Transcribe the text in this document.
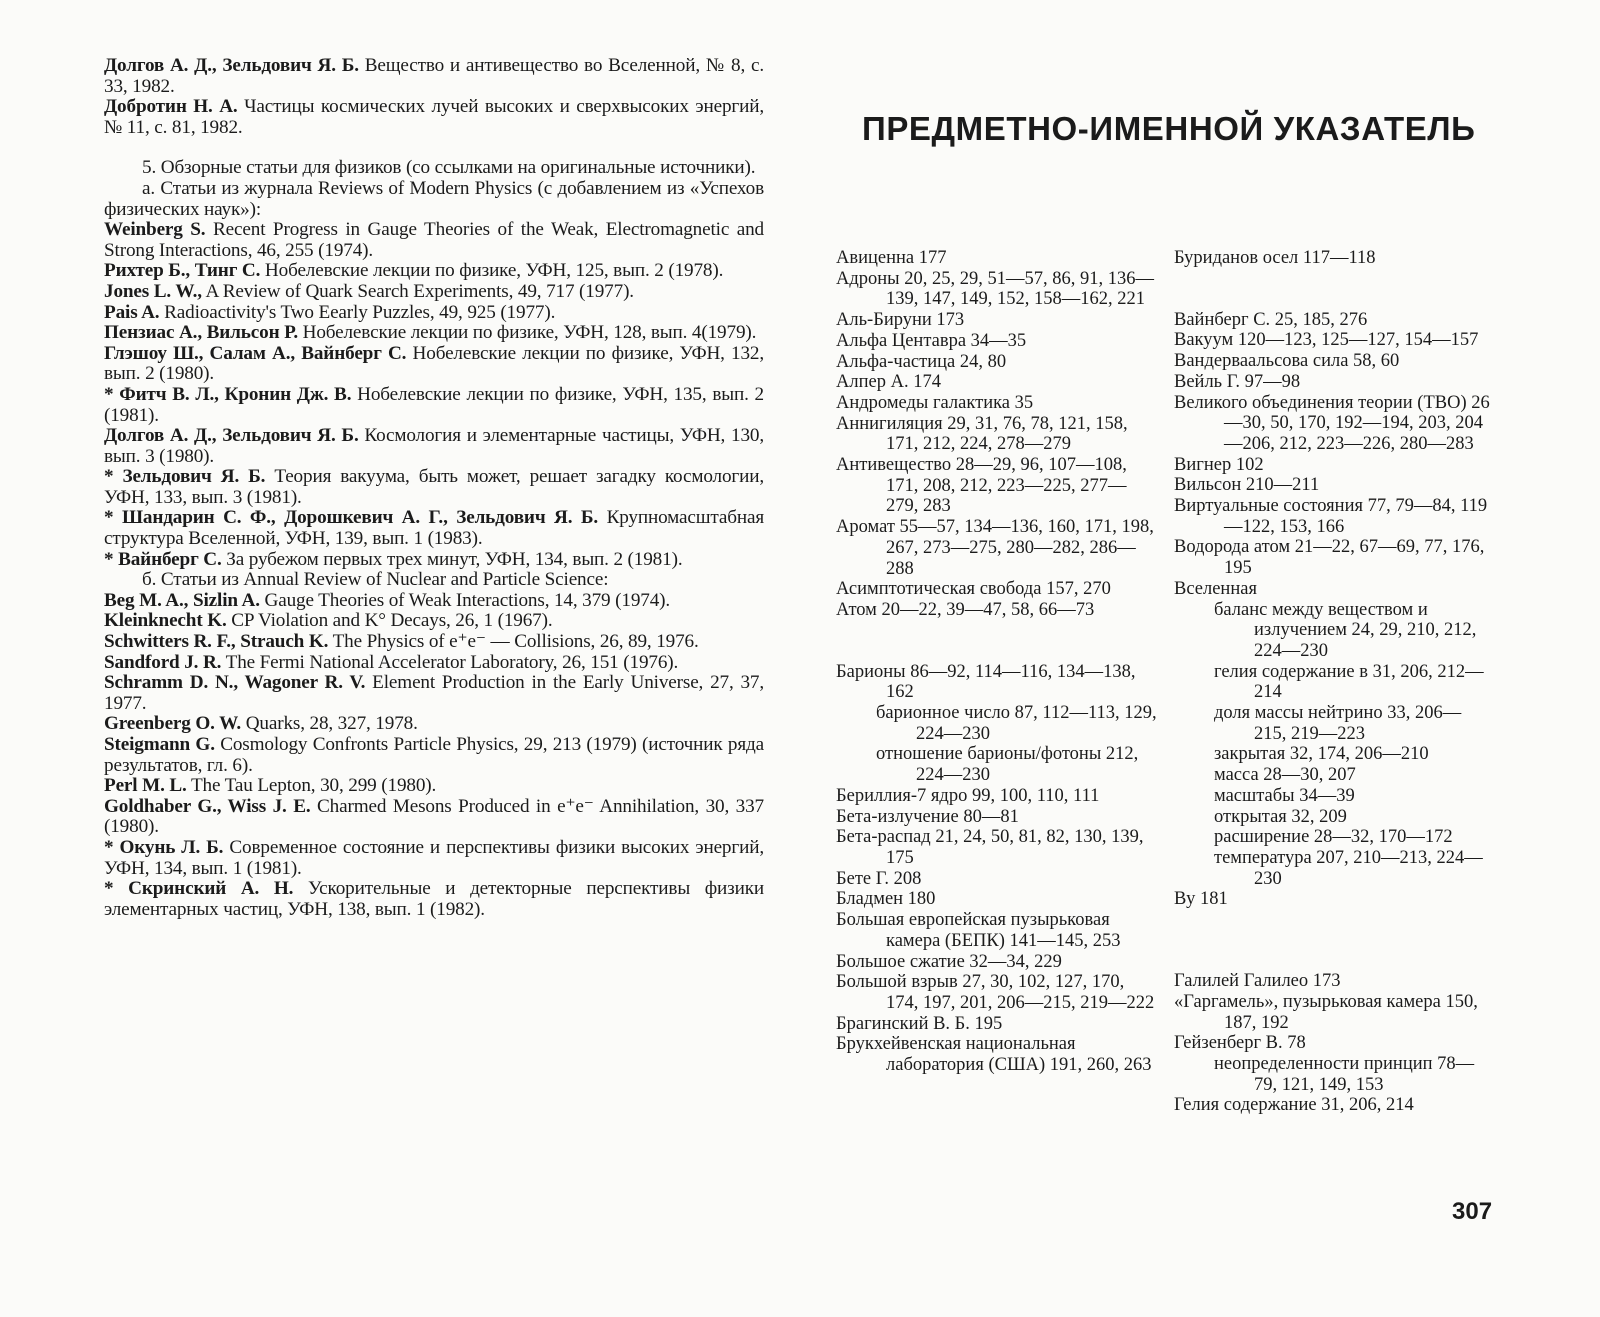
Долгов А. Д., Зельдович Я. Б. Вещество и антивещество во Вселенной, № 8, с. 33, 1982.

Добротин Н. А. Частицы космических лучей высоких и сверхвысоких энергий, № 11, с. 81, 1982.

5. Обзорные статьи для физиков (со ссылками на оригинальные источники).

а. Статьи из журнала Reviews of Modern Physics (с добавлением из «Успехов физических наук»):

Weinberg S. Recent Progress in Gauge Theories of the Weak, Electromagnetic and Strong Interactions, 46, 255 (1974).

Рихтер Б., Тинг С. Нобелевские лекции по физике, УФН, 125, вып. 2 (1978).

Jones L. W., A Review of Quark Search Experiments, 49, 717 (1977).

Pais A. Radioactivity's Two Eearly Puzzles, 49, 925 (1977).

Пензиас А., Вильсон Р. Нобелевские лекции по физике, УФН, 128, вып. 4(1979).

Глэшоу Ш., Салам А., Вайнберг С. Нобелевские лекции по физике, УФН, 132, вып. 2 (1980).

* Фитч В. Л., Кронин Дж. В. Нобелевские лекции по физике, УФН, 135, вып. 2 (1981).

Долгов А. Д., Зельдович Я. Б. Космология и элементарные частицы, УФН, 130, вып. 3 (1980).

* Зельдович Я. Б. Теория вакуума, быть может, решает загадку космологии, УФН, 133, вып. 3 (1981).

* Шандарин С. Ф., Дорошкевич А. Г., Зельдович Я. Б. Крупномасштабная структура Вселенной, УФН, 139, вып. 1 (1983).

* Вайнберг С. За рубежом первых трех минут, УФН, 134, вып. 2 (1981).

б. Статьи из Annual Review of Nuclear and Particle Science:

Beg M. A., Sizlin A. Gauge Theories of Weak Interactions, 14, 379 (1974).

Kleinknecht K. CP Violation and K° Decays, 26, 1 (1967).

Schwitters R. F., Strauch K. The Physics of e⁺e⁻ — Collisions, 26, 89, 1976.

Sandford J. R. The Fermi National Accelerator Laboratory, 26, 151 (1976).

Schramm D. N., Wagoner R. V. Element Production in the Early Universe, 27, 37, 1977.

Greenberg O. W. Quarks, 28, 327, 1978.

Steigmann G. Cosmology Confronts Particle Physics, 29, 213 (1979) (источник ряда результатов, гл. 6).

Perl M. L. The Tau Lepton, 30, 299 (1980).

Goldhaber G., Wiss J. E. Charmed Mesons Produced in e⁺e⁻ Annihilation, 30, 337 (1980).

* Окунь Л. Б. Современное состояние и перспективы физики высоких энергий, УФН, 134, вып. 1 (1981).

* Скринский А. Н. Ускорительные и детекторные перспективы физики элементарных частиц, УФН, 138, вып. 1 (1982).

ПРЕДМЕТНО-ИМЕННОЙ УКАЗАТЕЛЬ
Авиценна 177
Адроны 20, 25, 29, 51—57, 86, 91, 136—139, 147, 149, 152, 158—162, 221
Аль-Бируни 173
Альфа Центавра 34—35
Альфа-частица 24, 80
Алпер А. 174
Андромеды галактика 35
Аннигиляция 29, 31, 76, 78, 121, 158, 171, 212, 224, 278—279
Антивещество 28—29, 96, 107—108, 171, 208, 212, 223—225, 277—279, 283
Аромат 55—57, 134—136, 160, 171, 198, 267, 273—275, 280—282, 286—288
Асимптотическая свобода 157, 270
Атом 20—22, 39—47, 58, 66—73
Барионы 86—92, 114—116, 134—138, 162
барионное число 87, 112—113, 129, 224—230
отношение барионы/фотоны 212, 224—230
Бериллия-7 ядро 99, 100, 110, 111
Бета-излучение 80—81
Бета-распад 21, 24, 50, 81, 82, 130, 139, 175
Бете Г. 208
Бладмен 180
Большая европейская пузырьковая камера (БЕПК) 141—145, 253
Большое сжатие 32—34, 229
Большой взрыв 27, 30, 102, 127, 170, 174, 197, 201, 206—215, 219—222
Брагинский В. Б. 195
Брукхейвенская национальная лаборатория (США) 191, 260, 263
Буриданов осел 117—118
Вайнберг С. 25, 185, 276
Вакуум 120—123, 125—127, 154—157
Вандерваальсова сила 58, 60
Вейль Г. 97—98
Великого объединения теории (ТВО) 26—30, 50, 170, 192—194, 203, 204—206, 212, 223—226, 280—283
Вигнер 102
Вильсон 210—211
Виртуальные состояния 77, 79—84, 119—122, 153, 166
Водорода атом 21—22, 67—69, 77, 176, 195
Вселенная
баланс между веществом и излучением 24, 29, 210, 212, 224—230
гелия содержание в 31, 206, 212—214
доля массы нейтрино 33, 206—215, 219—223
закрытая 32, 174, 206—210
масса 28—30, 207
масштабы 34—39
открытая 32, 209
расширение 28—32, 170—172
температура 207, 210—213, 224—230
Ву 181
Галилей Галилео 173
«Гаргамель», пузырьковая камера 150, 187, 192
Гейзенберг В. 78
неопределенности принцип 78—79, 121, 149, 153
Гелия содержание 31, 206, 214
307
